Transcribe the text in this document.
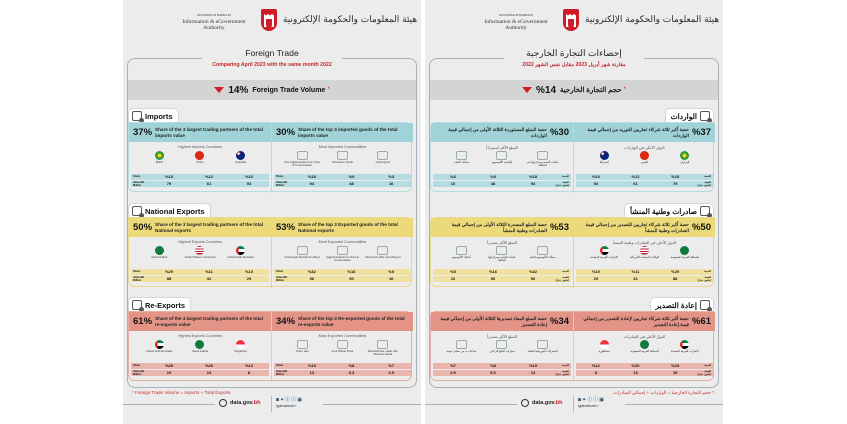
KINGDOM OF BAHRAIN
Information & eGovernment
Authority
هيئة المعلومات والحكومة الإلكترونية
Foreign Trade
Comparing April 2023 with the same month 2022
14% Foreign Trade Volume *
Imports
37% Share of the 3 largest trading partners of the total imports value
Highest Imports Countries
Brazil	China	Australia
Share	%15	%12	%10
Value BD Million	79	61	54
30% Share of the top 3 imported goods of the total imports value
Most Imported Commodities
Non Agglomerated Iron Ores & Concentrates
Aluminium Oxide	Gold Ingots
Share	%18	%9	%3
Value BD Million	94	48	16
National Exports
50% Share of the 3 largest trading partners of the total National exports
Highest Exports Countries
Saudi Arabia	United States of America	United Arab Emirates
Share	%29	%11	%10
Value BD Million	88	32	29
53% Share of the top 3 Exported goods of the total National exports
Most Exported Commodities
Unwrought Aluminium Alloys	Agglomerated Iron Ores & Concentrates
Aluminium Wire, Not Alloyed
Share	%32	%16	%5
Value BD Million	96	50	16
Re-Exports
61% Share of the 3 largest trading partners of the total re-exports value
Highest Exports Countries
United Arab Emirates	Saudi Arabia	Singapore
Share	%29	%20	%12
Value BD Million	19	13	8
34% Share of the top 3 Re-exported goods of the total re-exports value
Most Exported Commodities
Turbo Jets	Four Wheel Drive	Wristwatches made with Precious Metal
Share	%19	%8	%7
Value BD Million	13	5.3	4.9
* Foreign Trade Volume = Imports + Total Exports
data.gov. bh	◙✦ⓕⓘ▣
igabahrain+
KINGDOM OF BAHRAIN
Information & eGovernment
Authority
هيئة المعلومات والحكومة الإلكترونية
إحصاءات التجارة الخارجية
مقارنة شهر أبريل 2023 مقابل نفس الشهر 2022
%14 حجم التجارة الخارجية *
الواردات
%37
حصة أكبر ثلاثة شركاء تجاريين للتوريد من إجمالي قيمة الواردات
الدول الأعلى في الواردات
البرازيل
الصين
أستراليا
النسبة
%15
%12
%10
القيمة (مليون دينار)
79
61
54
%30
حصة السلع المستوردة الثلاثة الأولى من إجمالي قيمة الواردات
السلع الأكثر استيراداً
خامات الحديد ومركزاتها غير المكتلة
أوكسيد الألومنيوم
سبائك الذهب
النسبة
%18
%9
%3
القيمة (مليون دينار)
94
48
16
صادرات وطنية المنشأ
%50
حصة أكبر ثلاثة شركاء تجاريين للتصدير من إجمالي قيمة الصادرات وطنية المنشأ
الدول الأعلى في الصادرات وطنية المنشأ
المملكة العربية السعودية
الولايات المتحدة الأمريكية
الإمارات العربية المتحدة
النسبة
%29
%11
%10
القيمة (مليون دينار)
88
32
29
%53
حصة السلع المصدرة الثلاثة الأولى من إجمالي قيمة الصادرات وطنية المنشأ
السلع الأكثر تصديراً
سبائك الألومنيوم الخام
خامات الحديد ومركزاتها المكتلة
أسلاك الألومنيوم
النسبة
%32
%16
%5
القيمة (مليون دينار)
96
50
16
إعادة التصدير
%61
حصة أكبر ثلاثة شركاء تجاريين لإعادة التصدير من إجمالي قيمة إعادة التصدير
الدول الأعلى في الصادرات
الإمارات العربية المتحدة
المملكة العربية السعودية
سنغافورة
النسبة
%29
%20
%12
القيمة (مليون دينار)
19
13
8
%34
حصة السلع المعاد تصديرها الثلاثة الأولى من إجمالي قيمة إعادة التصدير
السلع الأكثر تصديراً
المحركات التوربينية النفاثة
سيارات الدفع الرباعي
ساعات يد من معادن ثمينة
النسبة
%19
%8
%7
القيمة (مليون دينار)
13
5.3
4.9
* حجم التجارة الخارجية = الواردات + إجمالي الصادرات
data.gov. bh	◙✦ⓕⓘ▣
igabahrain+
